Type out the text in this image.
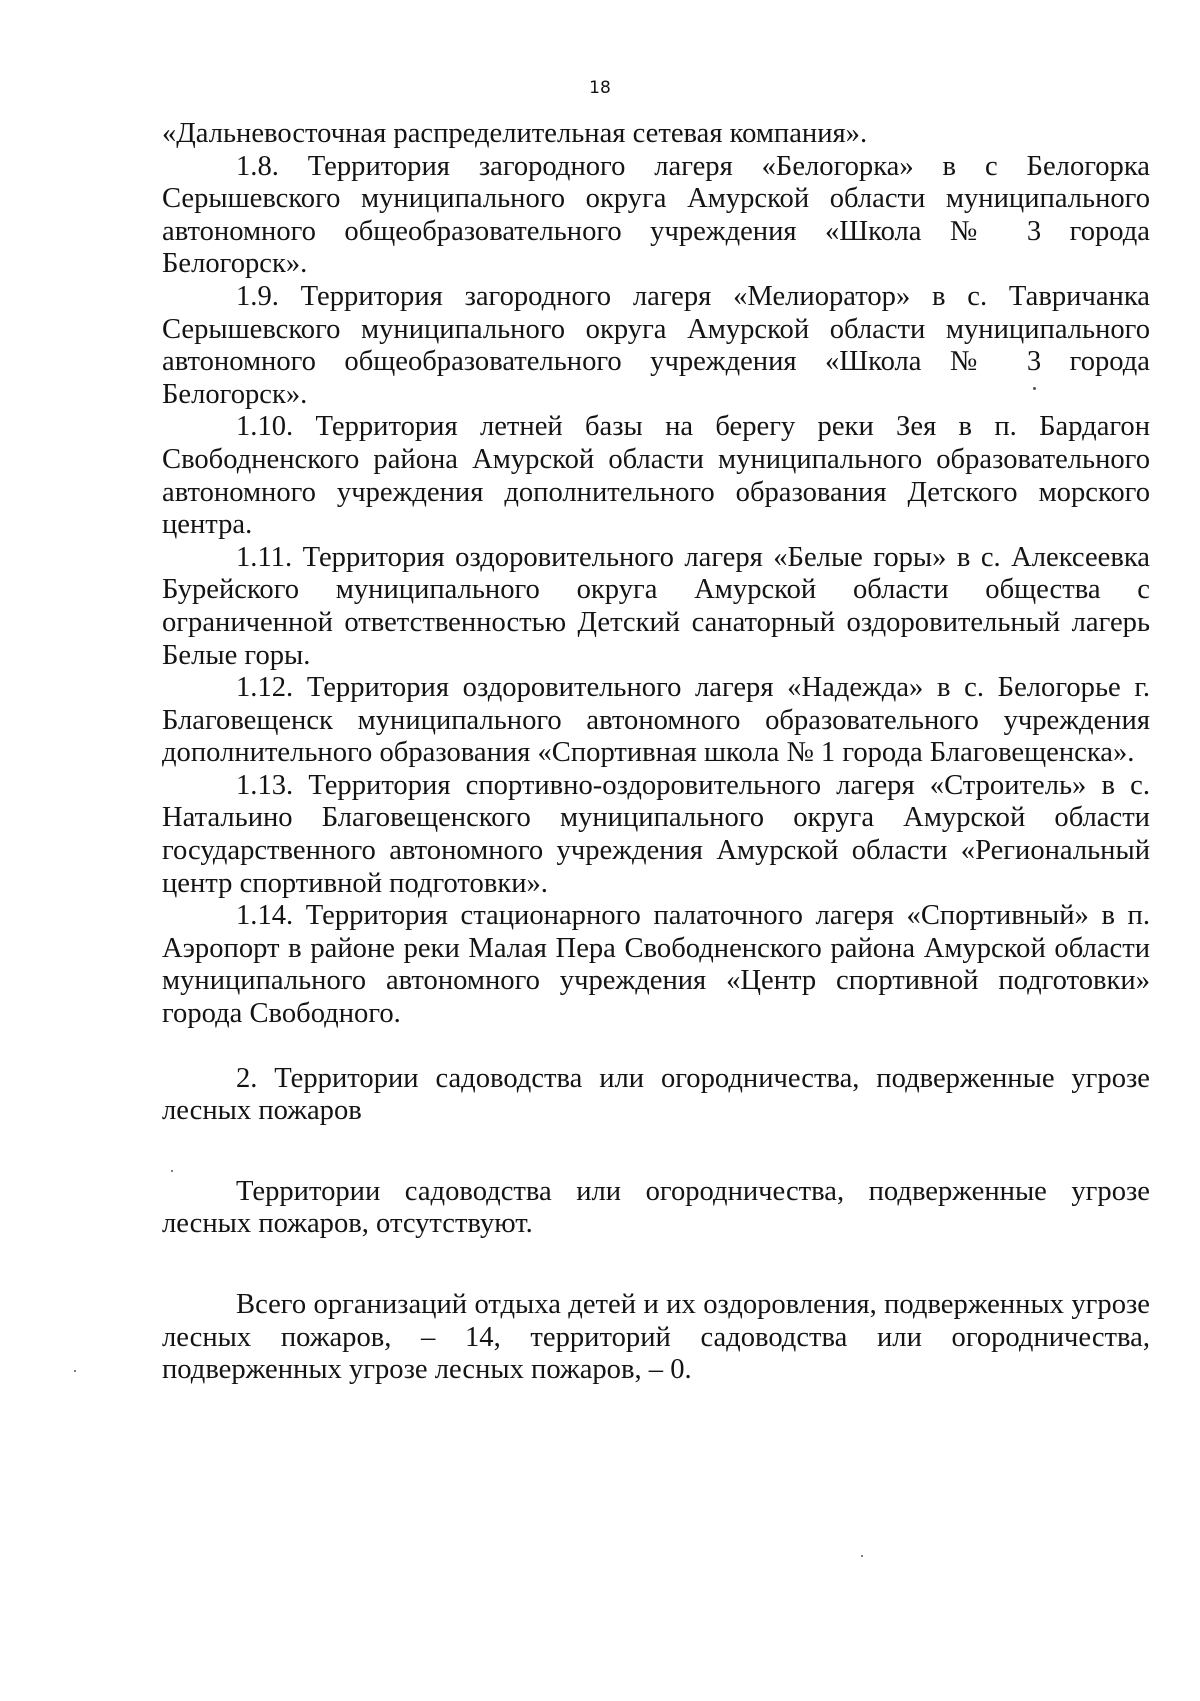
18

«Дальневосточная распределительная сетевая компания».

1.8. Территория загородного лагеря «Белогорка» в с Белогорка Серышевского муниципального округа Амурской области муниципального автономного общеобразовательного учреждения «Школа № 3 города Белогорск».

1.9. Территория загородного лагеря «Мелиоратор» в с. Тавричанка Серышевского муниципального округа Амурской области муниципального автономного общеобразовательного учреждения «Школа № 3 города Белогорск».

1.10. Территория летней базы на берегу реки Зея в п. Бардагон Свободненского района Амурской области муниципального образовательного автономного учреждения дополнительного образования Детского морского центра.

1.11. Территория оздоровительного лагеря «Белые горы» в с. Алексеевка Бурейского муниципального округа Амурской области общества с ограниченной ответственностью Детский санаторный оздоровительный лагерь Белые горы.

1.12. Территория оздоровительного лагеря «Надежда» в с. Белогорье г. Благовещенск муниципального автономного образовательного учреждения дополнительного образования «Спортивная школа № 1 города Благовещенска».

1.13. Территория спортивно-оздоровительного лагеря «Строитель» в с. Натальино Благовещенского муниципального округа Амурской области государственного автономного учреждения Амурской области «Региональный центр спортивной подготовки».

1.14. Территория стационарного палаточного лагеря «Спортивный» в п. Аэропорт в районе реки Малая Пера Свободненского района Амурской области муниципального автономного учреждения «Центр спортивной подготовки» города Свободного.

2. Территории садоводства или огородничества, подверженные угрозе лесных пожаров

Территории садоводства или огородничества, подверженные угрозе лесных пожаров, отсутствуют.

Всего организаций отдыха детей и их оздоровления, подверженных угрозе лесных пожаров, – 14, территорий садоводства или огородничества, подверженных угрозе лесных пожаров, – 0.
